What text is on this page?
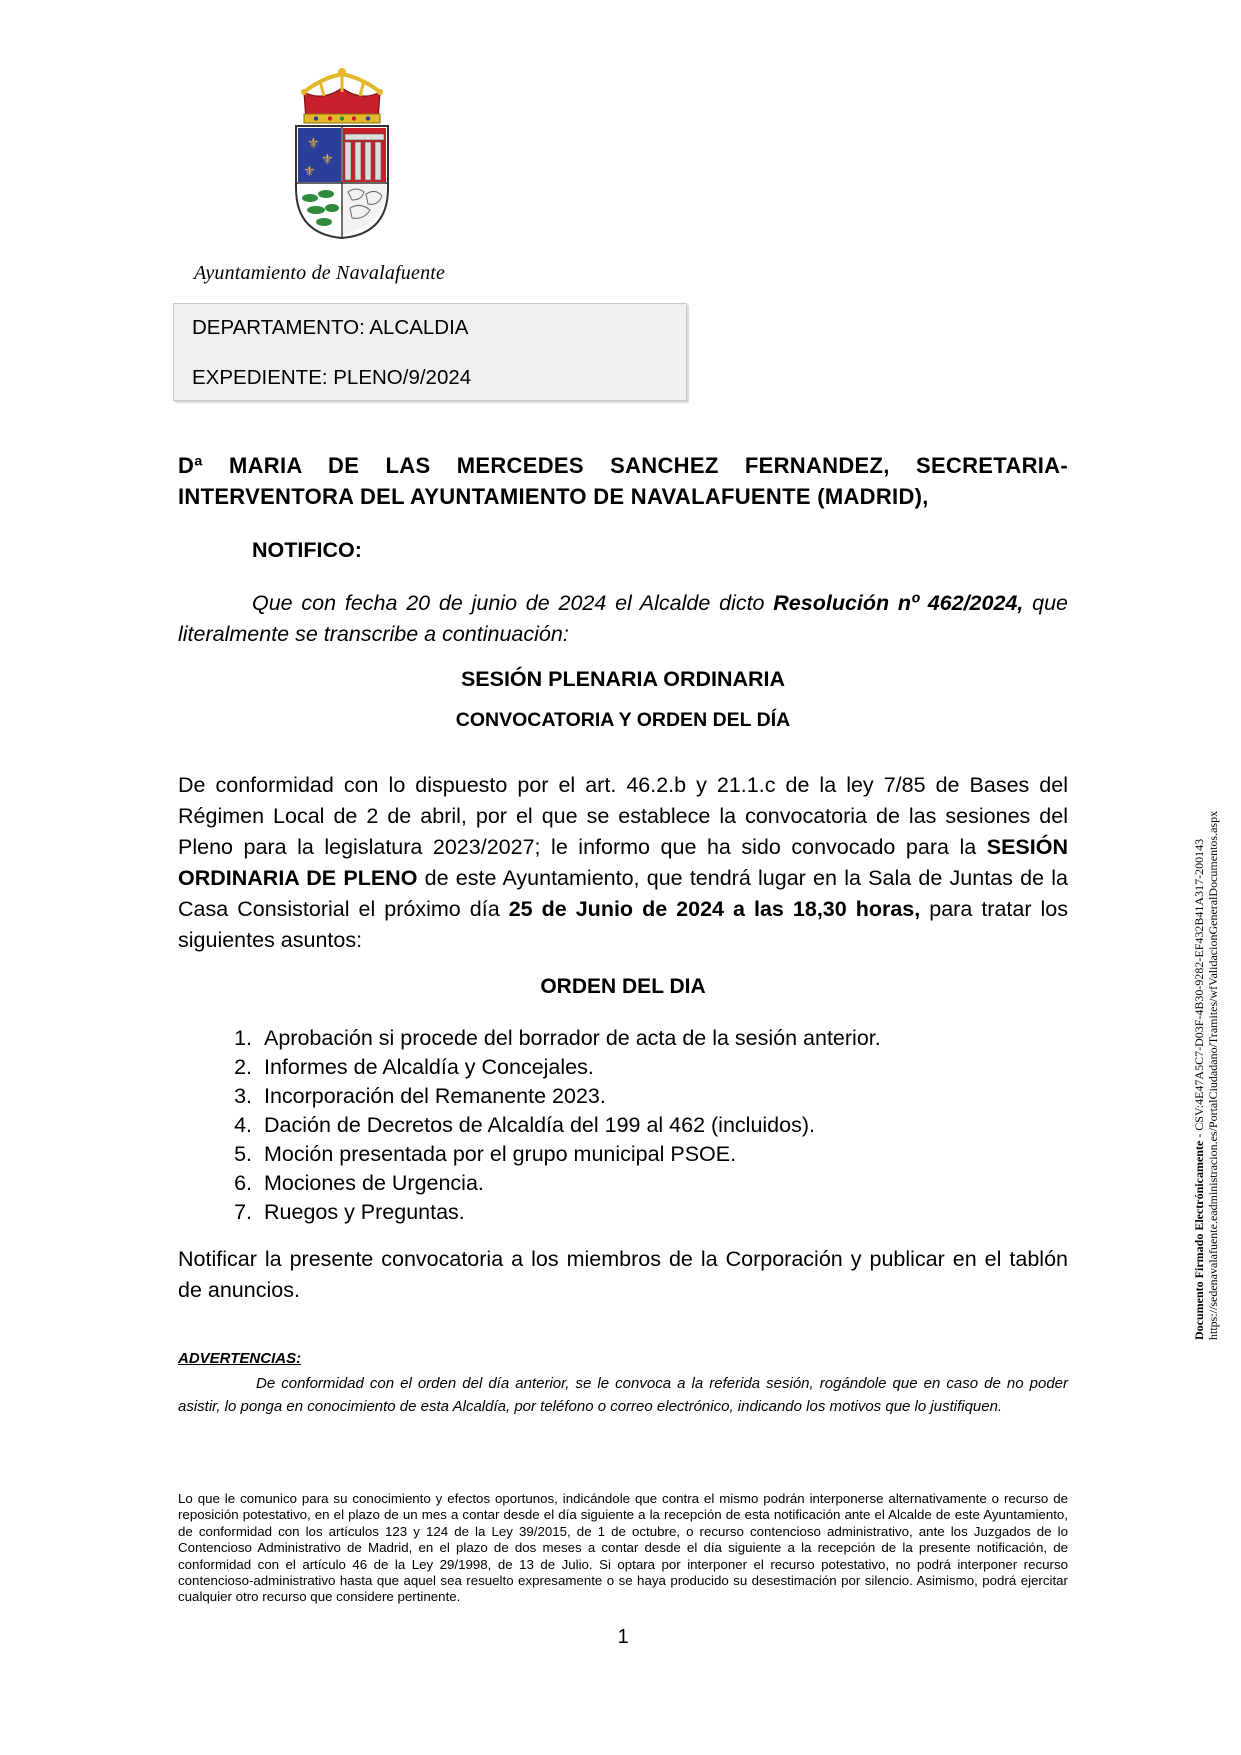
⚜
⚜
⚜
Ayuntamiento de Navalafuente
DEPARTAMENTO: ALCALDIA
EXPEDIENTE: PLENO/9/2024
Dª MARIA DE LAS MERCEDES SANCHEZ FERNANDEZ, SECRETARIA-
INTERVENTORA DEL AYUNTAMIENTO DE NAVALAFUENTE (MADRID),
NOTIFICO:
Que con fecha 20 de junio de 2024 el Alcalde dicto Resolución nº 462/2024, que literalmente se transcribe a continuación:
SESIÓN PLENARIA ORDINARIA
CONVOCATORIA Y ORDEN DEL DÍA
De conformidad con lo dispuesto por el art. 46.2.b y 21.1.c de la ley 7/85 de Bases del Régimen Local de 2 de abril, por el que se establece la convocatoria de las sesiones del Pleno para la legislatura 2023/2027; le informo que ha sido convocado para la SESIÓN ORDINARIA DE PLENO de este Ayuntamiento, que tendrá lugar en la Sala de Juntas de la Casa Consistorial el próximo día 25 de Junio de 2024 a las 18,30 horas, para tratar los siguientes asuntos:
ORDEN DEL DIA
1. Aprobación si procede del borrador de acta de la sesión anterior.
2. Informes de Alcaldía y Concejales.
3. Incorporación del Remanente 2023.
4. Dación de Decretos de Alcaldía del 199 al 462 (incluidos).
5. Moción presentada por el grupo municipal PSOE.
6. Mociones de Urgencia.
7. Ruegos y Preguntas.
Notificar la presente convocatoria a los miembros de la Corporación y publicar en el tablón de anuncios.
ADVERTENCIAS:
De conformidad con el orden del día anterior, se le convoca a la referida sesión, rogándole que en caso de no poder asistir, lo ponga en conocimiento de esta Alcaldía, por teléfono o correo electrónico, indicando los motivos que lo justifiquen.
Lo que le comunico para su conocimiento y efectos oportunos, indicándole que contra el mismo podrán interponerse alternativamente o recurso de reposición potestativo, en el plazo de un mes a contar desde el día siguiente a la recepción de esta notificación ante el Alcalde de este Ayuntamiento, de conformidad con los artículos 123 y 124 de la Ley 39/2015, de 1 de octubre, o recurso contencioso administrativo, ante los Juzgados de lo Contencioso Administrativo de Madrid, en el plazo de dos meses a contar desde el día siguiente a la recepción de la presente notificación, de conformidad con el artículo 46 de la Ley 29/1998, de 13 de Julio. Si optara por interponer el recurso potestativo, no podrá interponer recurso contencioso-administrativo hasta que aquel sea resuelto expresamente o se haya producido su desestimación por silencio. Asimismo, podrá ejercitar cualquier otro recurso que considere pertinente.
1
Documento Firmado Electrónicamente - CSV:4E47A5C7-D03F-4B30-9282-EF432B41A317-200143 https://sedenavalafuente.eadministracion.es/PortalCiudadano/Tramites/wfValidacionGeneralDocumentos.aspx
